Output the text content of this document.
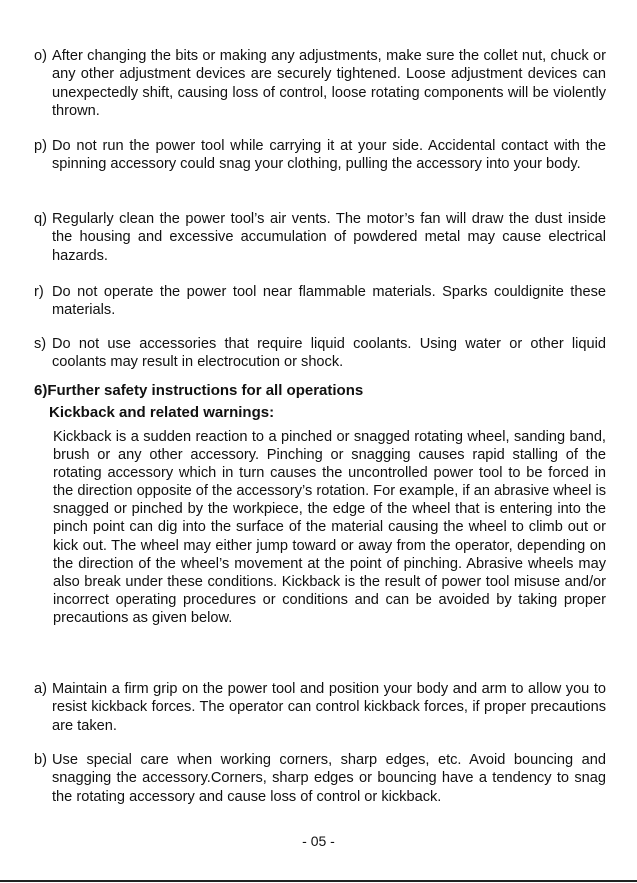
o) After changing the bits or making any adjustments, make sure the collet nut, chuck or any other adjustment devices are securely tightened. Loose adjustment devices can unexpectedly shift, causing loss of control, loose rotating components will be violently thrown.
p) Do not run the power tool while carrying it at your side. Accidental contact with the spinning accessory could snag your clothing, pulling the accessory into your body.
q) Regularly clean the power tool’s air vents. The motor’s fan will draw the dust inside the housing and excessive accumulation of powdered metal may cause electrical hazards.
r) Do not operate the power tool near flammable materials. Sparks couldignite these materials.
s) Do not use accessories that require liquid coolants. Using water or other liquid coolants may result in electrocution or shock.
6)Further safety instructions for all operations
Kickback and related warnings:
Kickback is a sudden reaction to a pinched or snagged rotating wheel, sanding band, brush or any other accessory. Pinching or snagging causes rapid stalling of the rotating accessory which in turn causes the uncontrolled power tool to be forced in the direction opposite of the accessory’s rotation. For example, if an abrasive wheel is snagged or pinched by the workpiece, the edge of the wheel that is entering into the pinch point can dig into the surface of the material causing the wheel to climb out or kick out. The wheel may either jump toward or away from the operator, depending on the direction of the wheel’s movement at the point of pinching. Abrasive wheels may also break under these conditions. Kickback is the result of power tool misuse and/or incorrect operating procedures or conditions and can be avoided by taking proper precautions as given below.
a) Maintain a firm grip on the power tool and position your body and arm to allow you to resist kickback forces. The operator can control kickback forces, if proper precautions are taken.
b) Use special care when working corners, sharp edges, etc. Avoid bouncing and snagging the accessory.Corners, sharp edges or bouncing have a tendency to snag the rotating accessory and cause loss of control or kickback.
- 05 -
